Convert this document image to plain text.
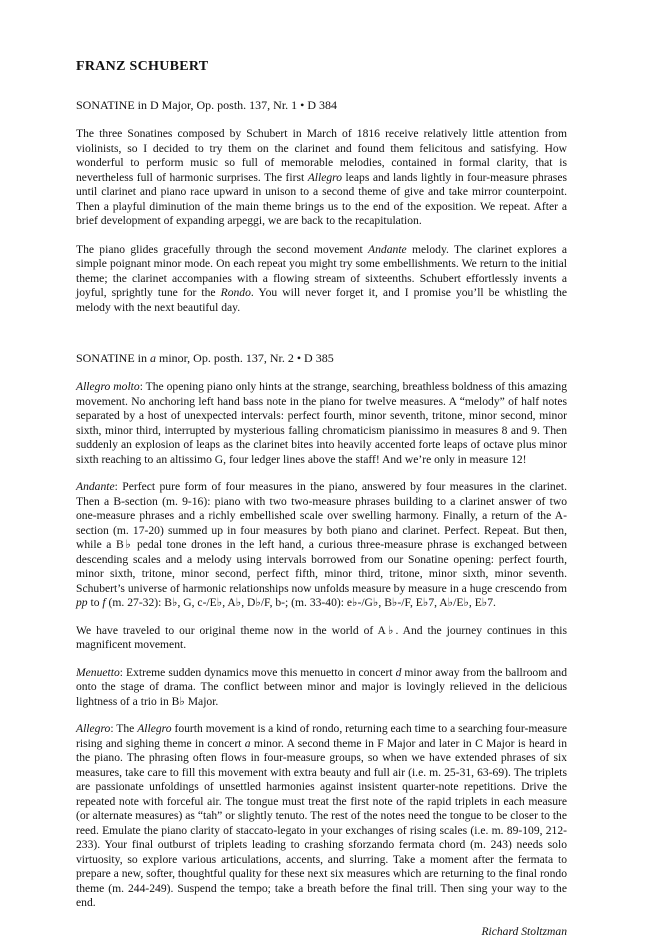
FRANZ SCHUBERT

SONATINE in D Major, Op. posth. 137, Nr. 1 • D 384

The three Sonatines composed by Schubert in March of 1816 receive relatively little attention from violinists, so I decided to try them on the clarinet and found them felicitous and satisfying. How wonderful to perform music so full of memorable melodies, contained in formal clarity, that is nevertheless full of harmonic surprises. The first Allegro leaps and lands lightly in four-measure phrases until clarinet and piano race upward in unison to a second theme of give and take mirror counterpoint. Then a playful diminution of the main theme brings us to the end of the exposition. We repeat. After a brief development of expanding arpeggi, we are back to the recapitulation.

The piano glides gracefully through the second movement Andante melody. The clarinet explores a simple poignant minor mode. On each repeat you might try some embellishments. We return to the initial theme; the clarinet accompanies with a flowing stream of sixteenths. Schubert effortlessly invents a joyful, sprightly tune for the Rondo. You will never forget it, and I promise you’ll be whistling the melody with the next beautiful day.

SONATINE in a minor, Op. posth. 137, Nr. 2 • D 385

Allegro molto: The opening piano only hints at the strange, searching, breathless boldness of this amazing movement. No anchoring left hand bass note in the piano for twelve measures. A “melody” of half notes separated by a host of unexpected intervals: perfect fourth, minor seventh, tritone, minor second, minor sixth, minor third, interrupted by mysterious falling chromaticism pianissimo in measures 8 and 9. Then suddenly an explosion of leaps as the clarinet bites into heavily accented forte leaps of octave plus minor sixth reaching to an altissimo G, four ledger lines above the staff! And we’re only in measure 12!

Andante: Perfect pure form of four measures in the piano, answered by four measures in the clarinet. Then a B-section (m. 9-16): piano with two two-measure phrases building to a clarinet answer of two one-measure phrases and a richly embellished scale over swelling harmony. Finally, a return of the A-section (m. 17-20) summed up in four measures by both piano and clarinet. Perfect. Repeat. But then, while a B♭ pedal tone drones in the left hand, a curious three-measure phrase is exchanged between descending scales and a melody using intervals borrowed from our Sonatine opening: perfect fourth, minor sixth, tritone, minor second, perfect fifth, minor third, tritone, minor sixth, minor seventh. Schubert’s universe of harmonic relationships now unfolds measure by measure in a huge crescendo from pp to f (m. 27-32): B♭, G, c-/E♭, A♭, D♭/F, b-; (m. 33-40): e♭-/G♭, B♭-/F, E♭7, A♭/E♭, E♭7.

We have traveled to our original theme now in the world of A♭. And the journey continues in this magnificent movement.

Menuetto: Extreme sudden dynamics move this menuetto in concert d minor away from the ballroom and onto the stage of drama. The conflict between minor and major is lovingly relieved in the delicious lightness of a trio in B♭ Major.

Allegro: The Allegro fourth movement is a kind of rondo, returning each time to a searching four-measure rising and sighing theme in concert a minor. A second theme in F Major and later in C Major is heard in the piano. The phrasing often flows in four-measure groups, so when we have extended phrases of six measures, take care to fill this movement with extra beauty and full air (i.e. m. 25-31, 63-69). The triplets are passionate unfoldings of unsettled harmonies against insistent quarter-note repetitions. Drive the repeated note with forceful air. The tongue must treat the first note of the rapid triplets in each measure (or alternate measures) as “tah” or slightly tenuto. The rest of the notes need the tongue to be closer to the reed. Emulate the piano clarity of staccato-legato in your exchanges of rising scales (i.e. m. 89-109, 212-233). Your final outburst of triplets leading to crashing sforzando fermata chord (m. 243) needs solo virtuosity, so explore various articulations, accents, and slurring. Take a moment after the fermata to prepare a new, softer, thoughtful quality for these next six measures which are returning to the final rondo theme (m. 244-249). Suspend the tempo; take a breath before the final trill. Then sing your way to the end.

Richard Stoltzman
